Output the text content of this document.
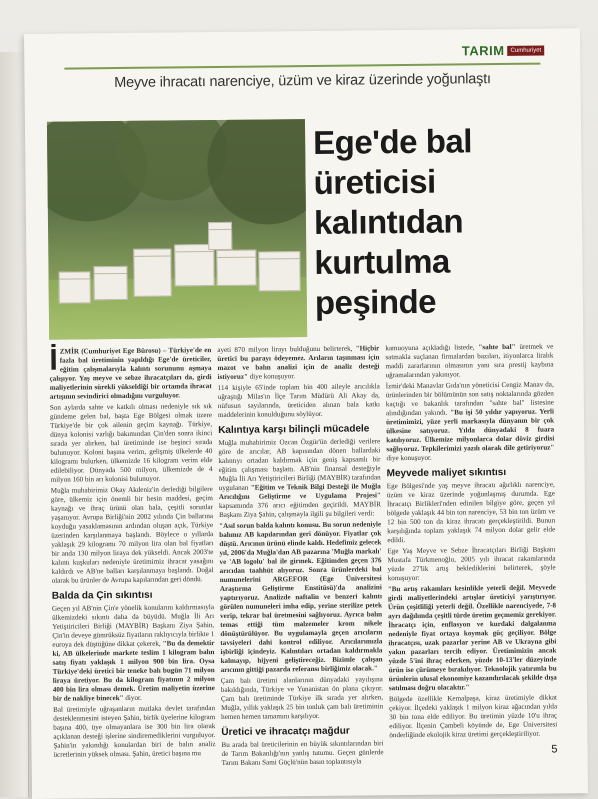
TARIM Cumhuriyet
Meyve ihracatı narenciye, üzüm ve kiraz üzerinde yoğunlaştı
Ege'de bal
üreticisi
kalıntıdan
kurtulma
peşinde

İZMİR (Cumhuriyet Ege Bürosu) – Türkiye'de en fazla bal üretiminin yapıldığı Ege'de üreticiler, eğitim çalışmalarıyla kalıntı sorununu aşmaya çalışıyor. Yaş meyve ve sebze ihracatçıları da, girdi maliyetlerinin sürekli yükseldiği bir ortamda ihracat artışının sevindirici olmadığını vurguluyor.

Son aylarda sahte ve katkılı olması nedeniyle sık sık gündeme gelen bal, başta Ege Bölgesi olmak üzere Türkiye'de bir çok ailenin geçim kaynağı. Türkiye, dünya kolonisi varlığı bakımından Çin'den sonra ikinci sırada yer alırken, bal üretiminde ise beşinci sırada bulunuyor. Koloni başına verim, gelişmiş ülkelerde 40 kilogramı bulurken, ülkemizde 16 kilogram verim elde edilebiliyor. Dünyada 500 milyon, ülkemizde de 4 milyon 160 bin arı kolonisi bulunuyor.

Muğla muhabirimiz Okay Akdeniz'in derlediği bilgilere göre, ülkemiz için önemli bir besin maddesi, geçim kaynağı ve ihraç ürünü olan bala, çeşitli sorunlar yaşanıyor. Avrupa Birliği'nin 2002 yılında Çin ballarına koyduğu yasaklamasının ardından oluşan açık, Türkiye üzerinden karşılanmaya başlandı. Böylece o yıllarda yaklaşık 29 kilogramı 70 milyon lira olan bal fiyatları bir anda 130 milyon liraya dek yükseldi. Ancak 2003'te kalıntı kuşkuları nedeniyle üretimimiz ihracat yasağını kaldırdı ve AB'ne balları karşılanmaya başlandı. Doğal olarak bu ürünler de Avrupa kapılarından geri döndü.

Balda da Çin sıkıntısı

Geçen yıl AB'nin Çin'e yönelik konularını kaldırmasıyla ülkemizdeki sıkıntı daha da büyüdü. Muğla İli Arı Yetiştiricileri Birliği (MAYBİR) Başkanı Ziya Şahin, Çin'in deveye gümrüksüz fiyatların raklıyıcıyla birlikte 1 euroya dek düştüğüne dikkat çekerek, "Bu da demektir ki, AB ülkelerinde markete teslim 1 kilogram balın satış fiyatı yaklaşık 1 milyon 900 bin lira. Oysa Türkiye'deki üretici bir teneke balı bugün 71 milyon liraya üretiyor. Bu da kilogram fiyatının 2 milyon 400 bin lira olması demek. Üretim maliyetin üzerine bir de nakliye binecek" diyor.

Bal üretimiyle uğraşanların mutlaka devlet tarafından desteklenmesini isteyen Şahin, birlik üyelerine kilogram başına 400, üye olmayanlara ise 300 bin lira olarak açıklanan desteği işlerine sindiremediklerini vurguluyor. Şahin'in yakındığı konulardan biri de balın analiz ücretlerinin yüksek olması. Şahin, üretici başına mu

ayeti 870 milyon lirayı bulduğunu belirterek, "Hiçbir üretici bu parayı ödeyemez. Arıların taşınması için mazot ve balın analizi için de analiz desteği istiyoruz" diye konuşuyor.

114 kişiyle 65'inde toplam bin 400 aileyle arıcılıkla uğraştığı Milas'ın İlçe Tarım Müdürü Ali Akay da, nüfusun sayılarında, üreticiden alınan bala katkı maddelerinin konulduğunu söylüyor.

Kalıntıya karşı bilinçli mücadele

Muğla muhabirimiz Ozcan Özgür'ün derlediği verilere göre de arıcılar, AB kapısından dönen ballardaki kalıntıyı ortadan kaldırmak için geniş kapsamlı bir eğitim çalışması başlattı. AB'nin finansal desteğiyle Muğla İli Arı Yetiştiricileri Birliği (MAYBİR) tarafından uygulanan "Eğitim ve Teknik Bilgi Desteği ile Muğla Arıcılığını Geliştirme ve Uygulama Projesi" kapsamında 376 arıcı eğitimden geçirildi. MAYBİR Başkanı Ziya Şahin, çalışmayla ilgili şu bilgileri verdi:

"Asıl sorun balda kalıntı konusu. Bu sorun nedeniyle balımız AB kapılarından geri dönüyor. Fiyatlar çok düştü. Arıcının ürünü elinde kaldı. Hedefimiz gelecek yıl, 2006'da Muğla'dan AB pazarına 'Muğla markalı' ve 'AB logolu' bal ile girmek. Eğitimden geçen 376 arıcıdan taahhüt alıyoruz. Sonra ürünlerdeki bal numunelerini ARGEFOR (Ege Üniversitesi Araştırma Geliştirme Enstitüsü)'da analizini yaptırıyoruz. Analizde naftalin ve benzeri kalıntı görülen numuneleri imha edip, yerine sterilize petek verip, tekrar bal üretmesini sağlıyoruz. Ayrıca balın temas ettiği tüm malzemeler krom nikele dönüştürülüyor. Bu uygulamayla geçen arıcıların tavsiyeleri dahi kontrol ediliyor. Arıcılarımızla işbirliği içindeyiz. Kalıntıları ortadan kaldırmakla kalmayıp, hijyeni geliştireceğiz. Bizimle çalışan arıcının gittiği pazarda referansı birliğimiz olacak."

Çam balı üretimi alanlarının dünyadaki yayılışına bakıldığında, Türkiye ve Yunanistan ön plana çıkıyor. Çam balı üretiminde Türkiye ilk sırada yer alırken, Muğla, yıllık yaklaşık 25 bin tonluk çam balı üretiminin hemen hemen tamamını karşılıyor.

Üretici ve ihracatçı mağdur

Bu arada bal üreticilerinin en büyük sıkıntılarından biri de Tarım Bakanlığı'nın yanlış tutumu. Geçen günlerde Tarım Bakanı Sami Güçlü'nün basın toplantısıyla

kamuoyuna açıkladığı listede, "sahte bal" üretmek ve satmakla suçlanan firmalardan bazıları, itiyonlarca liralık maddi zararlarının olmasının yanı sıra prestij kaybına uğramalarından yakınıyor.

İzmir'deki Manavlar Gıda'nın yöneticisi Cengiz Manav da, ürünlerinden bir bölümünün son satış noktalarında gözden kaçtığı ve bakanlık tarafından "sahte bal" listesine alındığından yakındı. "Bu işi 50 yıldır yapıyoruz. Yerli üretimimizi, yüze yerli markasıyla dünyanın bir çok ülkesine satıyoruz. Yılda dünyadaki 8 fuara katılıyoruz. Ülkemize milyonlarca dolar döviz girdisi sağlıyoruz. Tepkilerimizi yazılı olarak dile getiriyoruz" diye konuşuyor.

Meyvede maliyet sıkıntısı

Ege Bölgesi'nde yaş meyve ihracatı ağırlıklı narenciye, üzüm ve kiraz üzerinde yoğunlaşmış durumda. Ege İhracatçı Birlikleri'nden edinilen bilgiye göre, geçen yıl bölgede yaklaşık 44 bin ton narenciye, 53 bin ton üzüm ve 12 bin 500 ton da kiraz ihracatı gerçekleştirildi. Bunun karşılığında toplam yaklaşık 74 milyon dolar gelir elde edildi.

Ege Yaş Meyve ve Sebze İhracatçıları Birliği Başkanı Mustafa Türkmenoğlu, 2005 yılı ihracat rakamlarında yüzde 27'lik artış beklediklerini belirterek, şöyle konuşuyor:

"Bu artış rakamları kesinlikle yeterli değil. Meyvede girdi maliyetlerindeki artışlar üreticiyi yarıştırıyor. Ürün çeşitliliği yeterli değil. Özellikle narenciyede, 7-8 ayrı dağılımda çeşitli türde üretim geçmemiz gerekiyor. İhracatçı için, enflasyon ve kurdaki dalgalanma nedeniyle fiyat ortaya koymak güç geçiliyor. Bölge ihracatçısı, uzak pazarlar yerine AB ve Ukrayna gibi yakın pazarları tercih ediyor. Üretimimizin ancak yüzde 5'ini ihraç ederken, yüzde 10-13'ler düzeyinde ürün ise çürümeye bırakılıyor. Teknolojik yatırımla bu ürünlerin ulusal ekonomiye kazandırılacak şekilde dışa satılması doğru olacaktır."

Bölgede özellikle Kemalpaşa, kiraz üretimiyle dikkat çekiyor. İlçedeki yaklaşık 1 milyon kiraz ağacından yılda 30 bin tona elde ediliyor. Bu üretimin yüzde 10'u ihraç ediliyor. İlçenin Çambeli köyünde de, Ege Üniversitesi önderliğinde ekolojik kiraz üretimi gerçekleştiriliyor.

5
